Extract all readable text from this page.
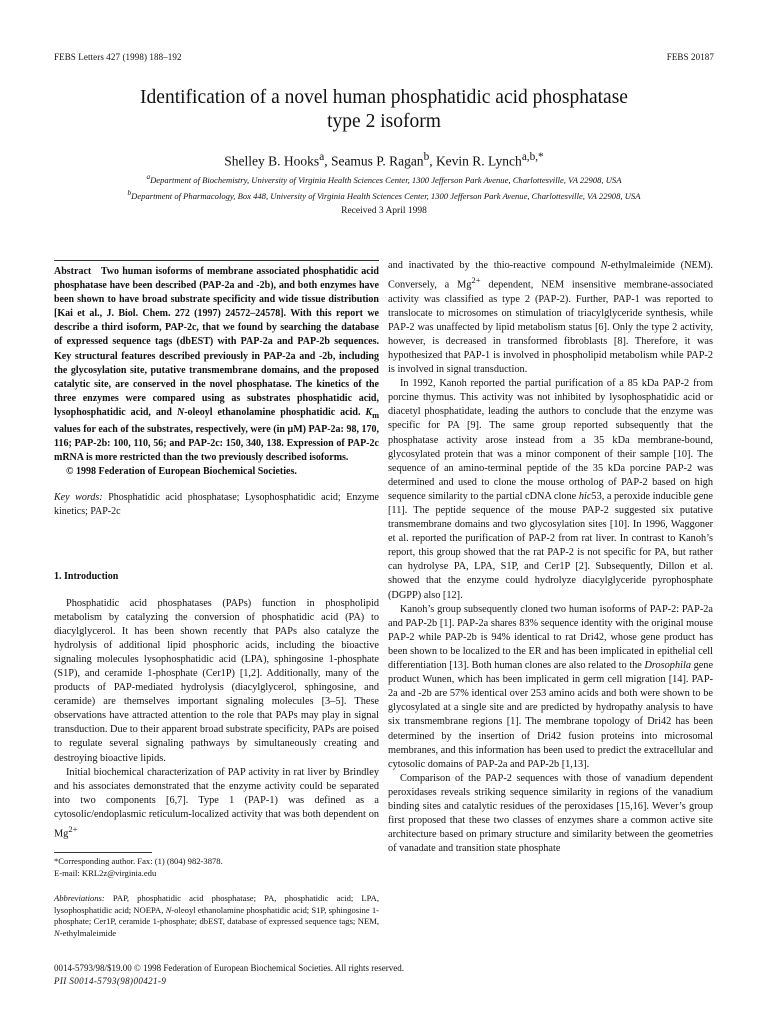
FEBS Letters 427 (1998) 188–192	FEBS 20187
Identification of a novel human phosphatidic acid phosphatase
type 2 isoform
Shelley B. Hooks$^a$, Seamus P. Ragan$^b$, Kevin R. Lynch$^{a,b,*}$
$^a$Department of Biochemistry, University of Virginia Health Sciences Center, 1300 Jefferson Park Avenue, Charlottesville, VA 22908, USA
$^b$Department of Pharmacology, Box 448, University of Virginia Health Sciences Center, 1300 Jefferson Park Avenue, Charlottesville, VA 22908, USA
Received 3 April 1998

Abstract Two human isoforms of membrane associated phosphatidic acid phosphatase have been described (PAP-2a and -2b), and both enzymes have been shown to have broad substrate specificity and wide tissue distribution [Kai et al., J. Biol. Chem. 272 (1997) 24572–24578]. With this report we describe a third isoform, PAP-2c, that we found by searching the database of expressed sequence tags (dbEST) with PAP-2a and PAP-2b sequences. Key structural features described previously in PAP-2a and -2b, including the glycosylation site, putative transmembrane domains, and the proposed catalytic site, are conserved in the novel phosphatase. The kinetics of the three enzymes were compared using as substrates phosphatidic acid, lysophosphatidic acid, and N-oleoyl ethanolamine phosphatidic acid. $K_m$ values for each of the substrates, respectively, were (in μM) PAP-2a: 98, 170, 116; PAP-2b: 100, 110, 56; and PAP-2c: 150, 340, 138. Expression of PAP-2c mRNA is more restricted than the two previously described isoforms.

© 1998 Federation of European Biochemical Societies.

Key words: Phosphatidic acid phosphatase; Lysophosphatidic acid; Enzyme kinetics; PAP-2c

1. Introduction

Phosphatidic acid phosphatases (PAPs) function in phospholipid metabolism by catalyzing the conversion of phosphatidic acid (PA) to diacylglycerol. It has been shown recently that PAPs also catalyze the hydrolysis of additional lipid phosphoric acids, including the bioactive signaling molecules lysophosphatidic acid (LPA), sphingosine 1-phosphate (S1P), and ceramide 1-phosphate (Cer1P) [1,2]. Additionally, many of the products of PAP-mediated hydrolysis (diacylglycerol, sphingosine, and ceramide) are themselves important signaling molecules [3–5]. These observations have attracted attention to the role that PAPs may play in signal transduction. Due to their apparent broad substrate specificity, PAPs are poised to regulate several signaling pathways by simultaneously creating and destroying bioactive lipids.

Initial biochemical characterization of PAP activity in rat liver by Brindley and his associates demonstrated that the enzyme activity could be separated into two components [6,7]. Type 1 (PAP-1) was defined as a cytosolic/endoplasmic reticulum-localized activity that was both dependent on $Mg^{2+}$

*Corresponding author. Fax: (1) (804) 982-3878.
E-mail: KRL2z@virginia.edu
Abbreviations: PAP, phosphatidic acid phosphatase; PA, phosphatidic acid; LPA, lysophosphatidic acid; NOEPA, N-oleoyl ethanolamine phosphatidic acid; S1P, sphingosine 1-phosphate; Cer1P, ceramide 1-phosphate; dbEST, database of expressed sequence tags; NEM, N-ethylmaleimide

and inactivated by the thio-reactive compound N-ethylmaleimide (NEM). Conversely, a $Mg^{2+}$ dependent, NEM insensitive membrane-associated activity was classified as type 2 (PAP-2). Further, PAP-1 was reported to translocate to microsomes on stimulation of triacylglyceride synthesis, while PAP-2 was unaffected by lipid metabolism status [6]. Only the type 2 activity, however, is decreased in transformed fibroblasts [8]. Therefore, it was hypothesized that PAP-1 is involved in phospholipid metabolism while PAP-2 is involved in signal transduction.

In 1992, Kanoh reported the partial purification of a 85 kDa PAP-2 from porcine thymus. This activity was not inhibited by lysophosphatidic acid or diacetyl phosphatidate, leading the authors to conclude that the enzyme was specific for PA [9]. The same group reported subsequently that the phosphatase activity arose instead from a 35 kDa membrane-bound, glycosylated protein that was a minor component of their sample [10]. The sequence of an amino-terminal peptide of the 35 kDa porcine PAP-2 was determined and used to clone the mouse ortholog of PAP-2 based on high sequence similarity to the partial cDNA clone hic53, a peroxide inducible gene [11]. The peptide sequence of the mouse PAP-2 suggested six putative transmembrane domains and two glycosylation sites [10]. In 1996, Waggoner et al. reported the purification of PAP-2 from rat liver. In contrast to Kanoh’s report, this group showed that the rat PAP-2 is not specific for PA, but rather can hydrolyse PA, LPA, S1P, and Cer1P [2]. Subsequently, Dillon et al. showed that the enzyme could hydrolyze diacylglyceride pyrophosphate (DGPP) also [12].

Kanoh’s group subsequently cloned two human isoforms of PAP-2: PAP-2a and PAP-2b [1]. PAP-2a shares 83% sequence identity with the original mouse PAP-2 while PAP-2b is 94% identical to rat Dri42, whose gene product has been shown to be localized to the ER and has been implicated in epithelial cell differentiation [13]. Both human clones are also related to the Drosophila gene product Wunen, which has been implicated in germ cell migration [14]. PAP-2a and -2b are 57% identical over 253 amino acids and both were shown to be glycosylated at a single site and are predicted by hydropathy analysis to have six transmembrane regions [1]. The membrane topology of Dri42 has been determined by the insertion of Dri42 fusion proteins into microsomal membranes, and this information has been used to predict the extracellular and cytosolic domains of PAP-2a and PAP-2b [1,13].

Comparison of the PAP-2 sequences with those of vanadium dependent peroxidases reveals striking sequence similarity in regions of the vanadium binding sites and catalytic residues of the peroxidases [15,16]. Wever’s group first proposed that these two classes of enzymes share a common active site architecture based on primary structure and similarity between the geometries of vanadate and transition state phosphate

0014-5793/98/$19.00 © 1998 Federation of European Biochemical Societies. All rights reserved.
PII S0014-5793(98)00421-9
